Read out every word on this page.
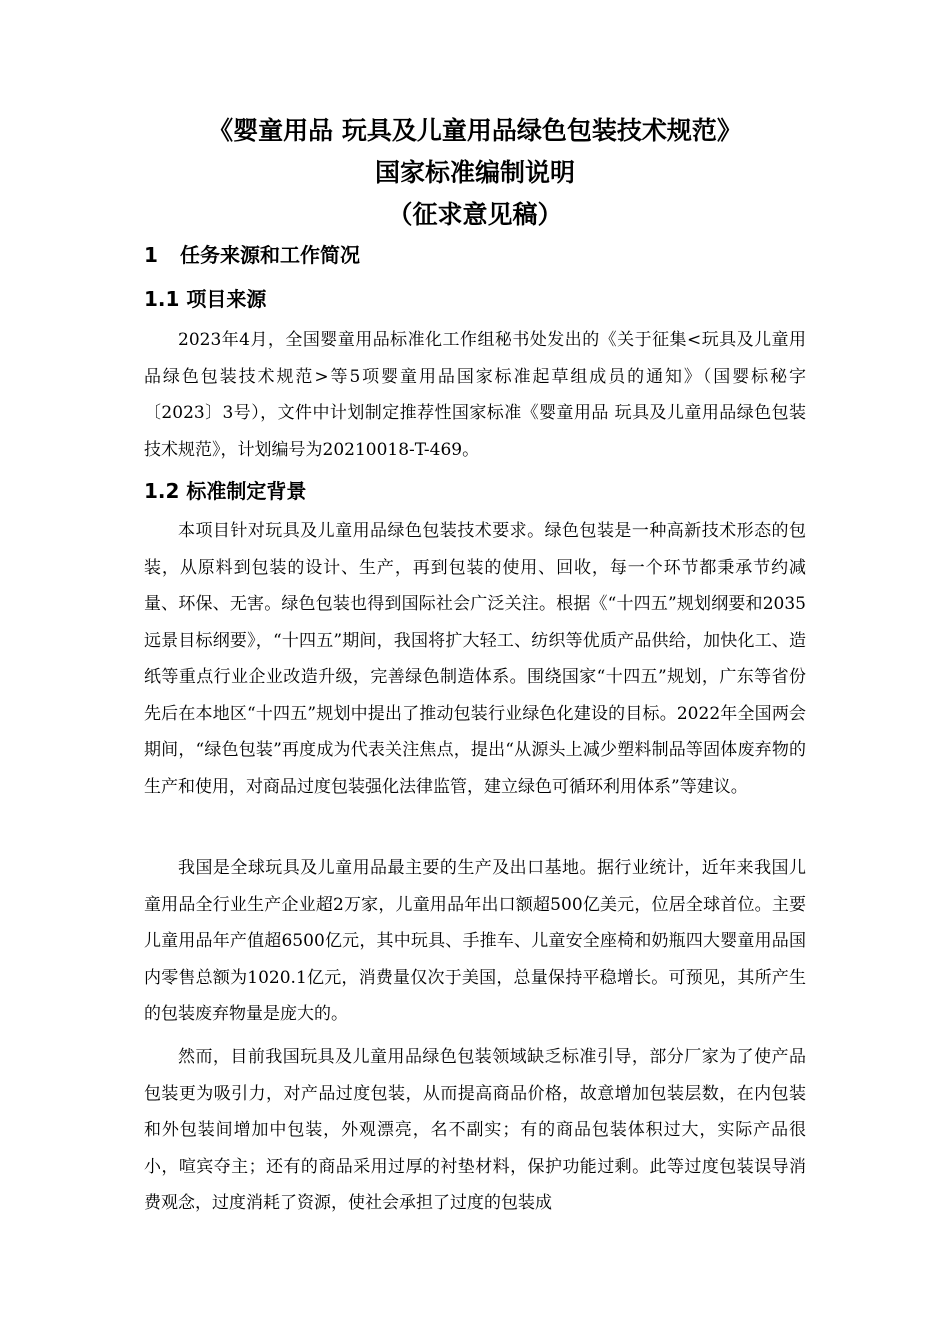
《婴童用品 玩具及儿童用品绿色包装技术规范》
国家标准编制说明
（征求意见稿）
1 任务来源和工作简况
1.1 项目来源
2023年4月，全国婴童用品标准化工作组秘书处发出的《关于征集<玩具及儿童用品绿色包装技术规范>等5项婴童用品国家标准起草组成员的通知》（国婴标秘字〔2023〕3号），文件中计划制定推荐性国家标准《婴童用品 玩具及儿童用品绿色包装技术规范》，计划编号为20210018-T-469。
1.2 标准制定背景
本项目针对玩具及儿童用品绿色包装技术要求。绿色包装是一种高新技术形态的包装，从原料到包装的设计、生产，再到包装的使用、回收，每一个环节都秉承节约减量、环保、无害。绿色包装也得到国际社会广泛关注。根据《“十四五”规划纲要和2035远景目标纲要》，“十四五”期间，我国将扩大轻工、纺织等优质产品供给，加快化工、造纸等重点行业企业改造升级，完善绿色制造体系。围绕国家“十四五”规划，广东等省份先后在本地区“十四五”规划中提出了推动包装行业绿色化建设的目标。2022年全国两会期间，“绿色包装”再度成为代表关注焦点，提出“从源头上减少塑料制品等固体废弃物的生产和使用，对商品过度包装强化法律监管，建立绿色可循环利用体系”等建议。
我国是全球玩具及儿童用品最主要的生产及出口基地。据行业统计，近年来我国儿童用品全行业生产企业超2万家，儿童用品年出口额超500亿美元，位居全球首位。主要儿童用品年产值超6500亿元，其中玩具、手推车、儿童安全座椅和奶瓶四大婴童用品国内零售总额为1020.1亿元，消费量仅次于美国，总量保持平稳增长。可预见，其所产生的包装废弃物量是庞大的。
然而，目前我国玩具及儿童用品绿色包装领域缺乏标准引导，部分厂家为了使产品包装更为吸引力，对产品过度包装，从而提高商品价格，故意增加包装层数，在内包装和外包装间增加中包装，外观漂亮，名不副实；有的商品包装体积过大，实际产品很小，喧宾夺主；还有的商品采用过厚的衬垫材料，保护功能过剩。此等过度包装误导消费观念，过度消耗了资源，使社会承担了过度的包装成
